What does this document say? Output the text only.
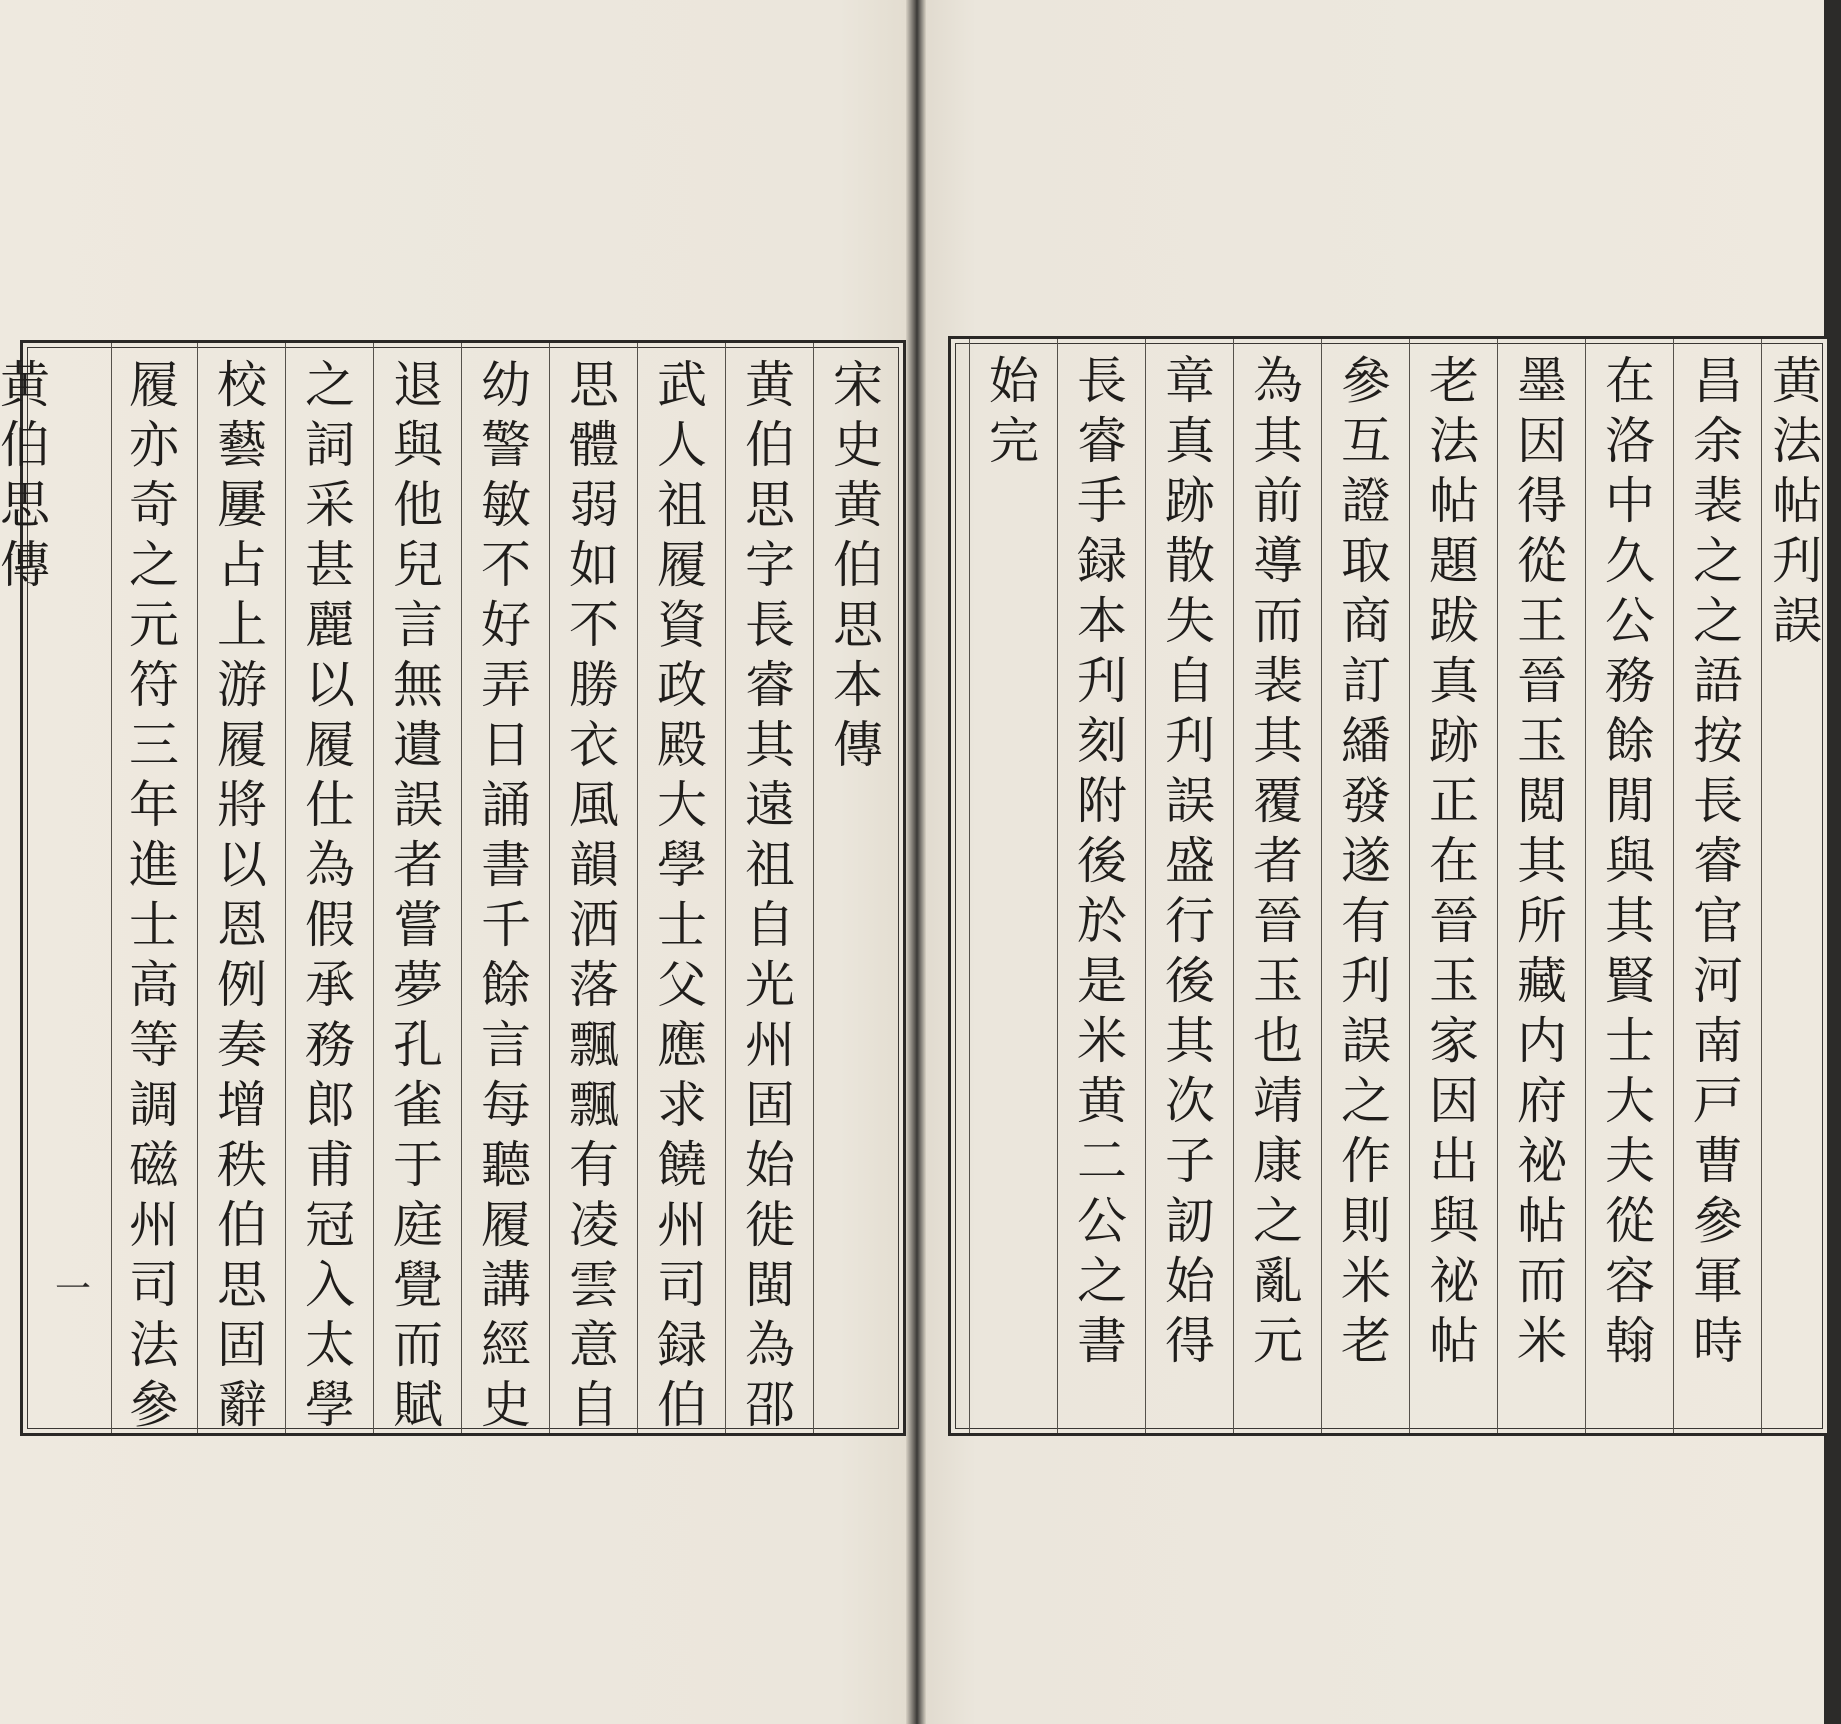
黄
伯
思
傳
宋
史
黄
伯
思
本
傳
黄
伯
思
字
長
睿
其
遠
祖
自
光
州
固
始
徙
閩
為
邵
武
人
祖
履
資
政
殿
大
學
士
父
應
求
饒
州
司
録
伯
思
體
弱
如
不
勝
衣
風
韻
洒
落
飄
飄
有
凌
雲
意
自
幼
警
敏
不
好
弄
日
誦
書
千
餘
言
每
聽
履
講
經
史
退
與
他
兒
言
無
遺
誤
者
嘗
夢
孔
雀
于
庭
覺
而
賦
之
詞
采
甚
麗
以
履
仕
為
假
承
務
郎
甫
冠
入
太
學
校
藝
屢
占
上
游
履
將
以
恩
例
奏
增
秩
伯
思
固
辭
履
亦
奇
之
元
符
三
年
進
士
高
等
調
磁
州
司
法
參
一
黄
法
帖
刋
誤
昌
余
裴
之
之
語
按
長
睿
官
河
南
戸
曹
參
軍
時
在
洛
中
久
公
務
餘
閒
與
其
賢
士
大
夫
從
容
翰
墨
因
得
從
王
晉
玉
閲
其
所
藏
内
府
祕
帖
而
米
老
法
帖
題
跋
真
跡
正
在
晉
玉
家
因
出
與
祕
帖
參
互
證
取
商
訂
繙
發
遂
有
刋
誤
之
作
則
米
老
為
其
前
導
而
裴
其
覆
者
晉
玉
也
靖
康
之
亂
元
章
真
跡
散
失
自
刋
誤
盛
行
後
其
次
子
訒
始
得
長
睿
手
録
本
刋
刻
附
後
於
是
米
黄
二
公
之
書
始
完
